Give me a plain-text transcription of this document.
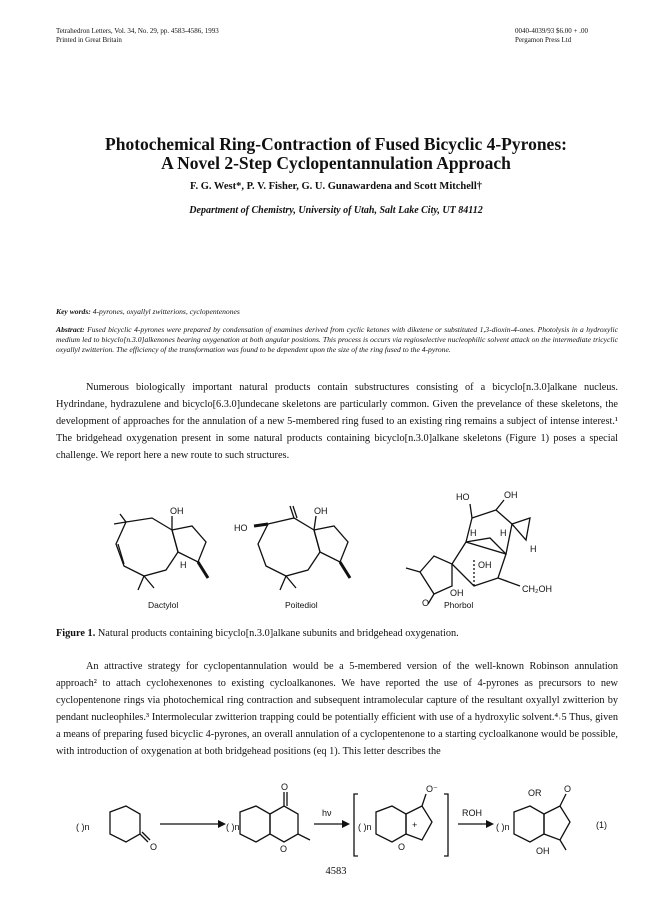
Tetrahedron Letters, Vol. 34, No. 29, pp. 4583-4586, 1993
Printed in Great Britain
0040-4039/93 $6.00 + .00
Pergamon Press Ltd
Photochemical Ring-Contraction of Fused Bicyclic 4-Pyrones:
A Novel 2-Step Cyclopentannulation Approach
F. G. West*, P. V. Fisher, G. U. Gunawardena and Scott Mitchell†
Department of Chemistry, University of Utah, Salt Lake City, UT 84112
Key words: 4-pyrones, oxyallyl zwitterions, cyclopentenones
Abstract: Fused bicyclic 4-pyrones were prepared by condensation of enamines derived from cyclic ketones with diketene or substituted 1,3-dioxin-4-ones. Photolysis in a hydroxylic medium led to bicyclo[n.3.0]alkenones bearing oxygenation at both angular positions. This process is occurs via regioselective nucleophilic solvent attack on the intermediate tricyclic oxyallyl zwitterion. The efficiency of the transformation was found to be dependent upon the size of the ring fused to the 4-pyrone.
Numerous biologically important natural products contain substructures consisting of a bicyclo[n.3.0]alkane nucleus. Hydrindane, hydrazulene and bicyclo[6.3.0]undecane skeletons are particularly common. Given the prevelance of these skeletons, the development of approaches for the annulation of a new 5-membered ring fused to an existing ring remains a subject of intense interest.¹ The bridgehead oxygenation present in some natural products containing bicyclo[n.3.0]alkane skeletons (Figure 1) poses a special challenge. We report here a new route to such structures.
OH
H
HO
OH
HO	OH
H	H
OH
O
OH	CH₂OH
H
Dactylol	Poitediol	Phorbol
Figure 1. Natural products containing bicyclo[n.3.0]alkane subunits and bridgehead oxygenation.
An attractive strategy for cyclopentannulation would be a 5-membered version of the well-known Robinson annulation approach² to attach cyclohexenones to existing cycloalkanones. We have reported the use of 4-pyrones as precursors to new cyclopentenone rings via photochemical ring contraction and subsequent intramolecular capture of the resultant oxyallyl zwitterion by pendant nucleophiles.³ Intermolecular zwitterion trapping could be potentially efficient with use of a hydroxylic solvent.⁴˒5 Thus, given a means of preparing fused bicyclic 4-pyrones, an overall annulation of a cyclopentenone to a starting cycloalkanone would be possible, with introduction of oxygenation at both bridgehead positions (eq 1). This letter describes the
( )n
O
( )n
O
O
hν
( )n
O⁻
+
O
ROH
( )n
OR	O
OH
(1)
4583
